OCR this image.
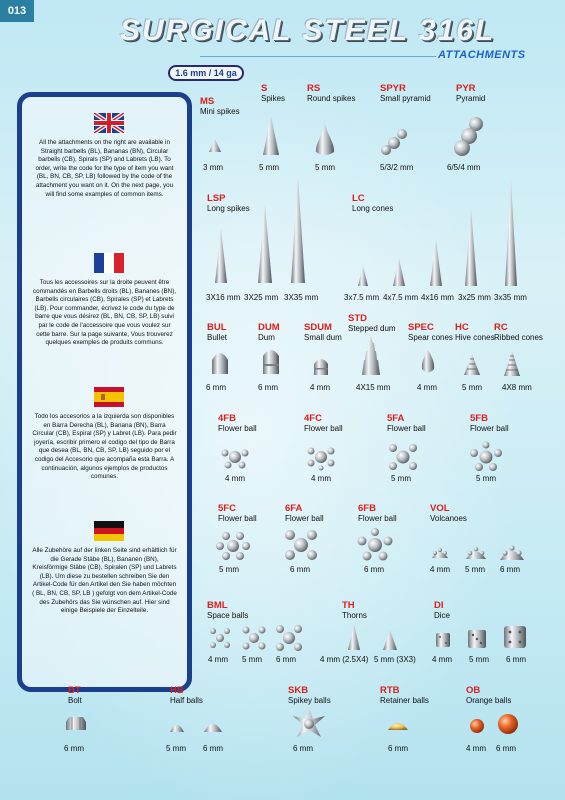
013
SURGICAL STEEL 316L
ATTACHMENTS
1.6 mm / 14 ga
All the attachments on the right are available in Straight barbells (BL), Bananas (BN), Circular barbells (CB), Spirals (SP) and Labrets (LB). To order, write the code for the type of item you want (BL, BN, CB, SP, LB) followed by the code of the attachment you want on it. On the next page, you will find some examples of common items.
Tous les accessoires sur la droite peuvent être commandés en Barbells droits (BL), Bananes (BN), Barbells circulaires (CB), Spirales (SP) et Labrets (LB). Pour commander, écrivez le code du type de barre que vous désirez (BL, BN, CB, SP, LB) suivi par le code de l'accessoire que vous voulez sur cette barre. Sur la page suivante, Vous trouverez quelques exemples de produits communs.
Todo los accesorios a la izquierda son disponibles en Barra Derecha (BL), Banana (BN), Barra Circular (CB), Espiral (SP) y Labret (LB). Para pedir joyería, escribir primero el codigo del tipo de Barra que desea (BL, BN, CB, SP, LB) seguido por el codigo del Accesorio que acompaña esta Barra. A continuación, algunos ejemplos de productos comunes.
Alle Zubehöre auf der linken Seite sind erhältlich für die Gerade Stäbe (BL), Bananen (BN), Kreisförmige Stäbe (CB), Spiralen (SP) und Labrets (LB). Um diese zu bestellen schreiben Sie den Artikel-Code für den Artikel den Sie haben möchten ( BL, BN, CB, SP, LB ) gefolgt von dem Artikel-Code des Zubehörs das Sie wünschen auf. Hier sind einige Beispiele der Einzelteile.
MS
Mini spikes
3 mm
S
Spikes
5 mm
RS
Round spikes
5 mm
SPYR
Small pyramid
5/3/2 mm
PYR
Pyramid
6/5/4 mm
LSP
Long spikes
3X16 mm 3X25 mm 3X35 mm
LC
Long cones
3x7.5 mm 4x7.5 mm 4x16 mm 3x25 mm 3x35 mm
BUL
Bullet
6 mm
DUM
Dum
6 mm
SDUM
Small dum
4 mm
STD
Stepped dum
4X15 mm
SPEC
Spear cones
4 mm
HC
Hive cones
5 mm
RC
Ribbed cones
4X8 mm
4FB
Flower ball
4 mm
4FC
Flower ball
4 mm
5FA
Flower ball
5 mm
5FB
Flower ball
5 mm
5FC
Flower ball
5 mm
6FA
Flower ball
6 mm
6FB
Flower ball
6 mm
VOL
Volcanoes
4 mm 5 mm 6 mm
BML
Space balls
4 mm 5 mm 6 mm
TH
Thorns
4 mm (2.5X4) 5 mm (3X3)
DI
Dice
4 mm 5 mm 6 mm
BT
Bolt
6 mm
HB
Half balls
5 mm 6 mm
SKB
Spikey balls
6 mm
RTB
Retainer balls
6 mm
OB
Orange balls
4 mm 6 mm
